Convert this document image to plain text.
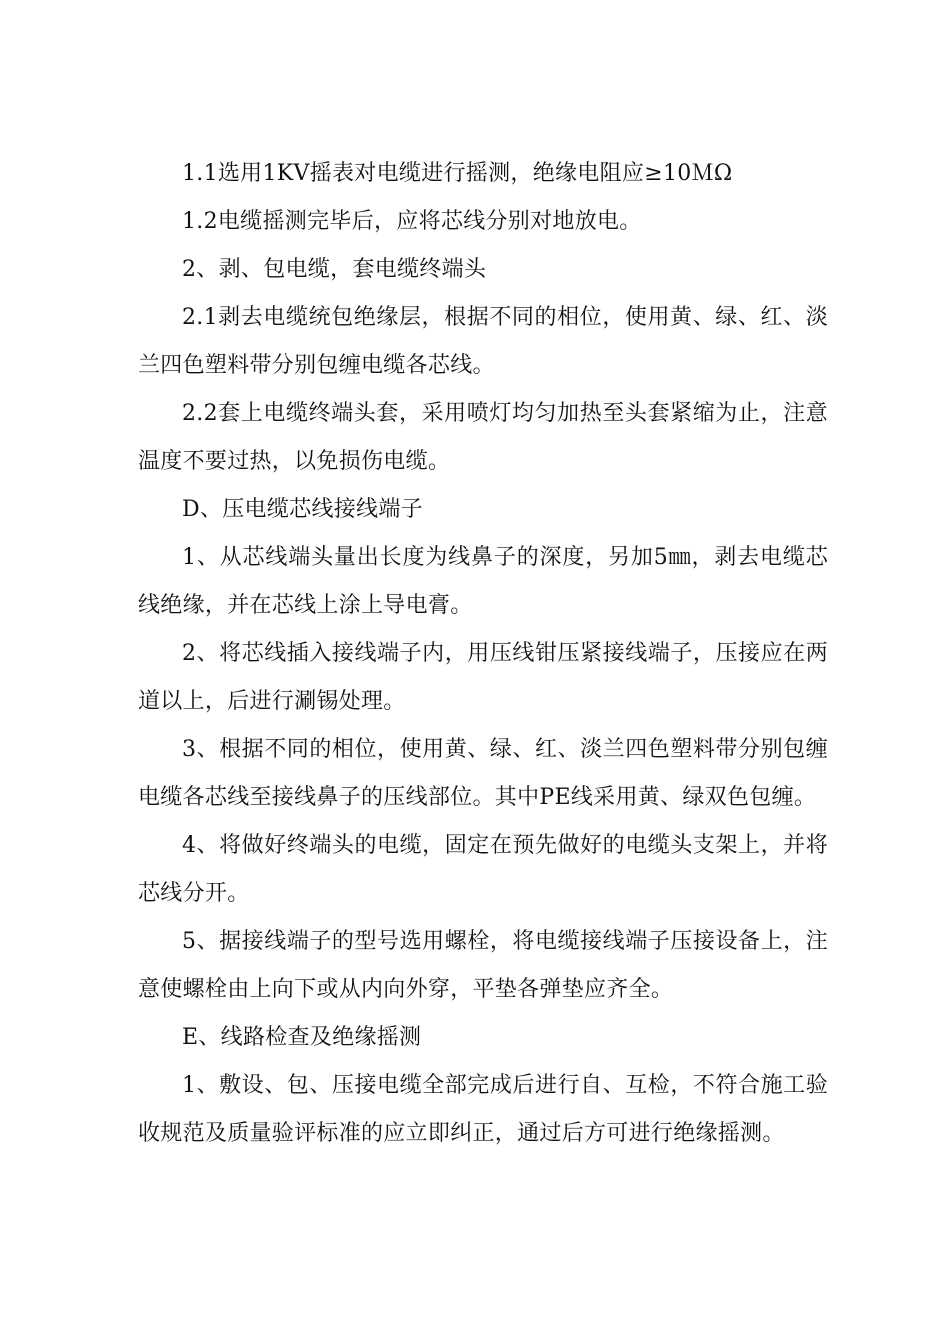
1.1选用1KV摇表对电缆进行摇测，绝缘电阻应≥10ＭΩ

1.2电缆摇测完毕后，应将芯线分别对地放电。

2、剥、包电缆，套电缆终端头

2.1剥去电缆统包绝缘层，根据不同的相位，使用黄、绿、红、淡兰四色塑料带分别包缠电缆各芯线。

2.2套上电缆终端头套，采用喷灯均匀加热至头套紧缩为止，注意温度不要过热，以免损伤电缆。

D、压电缆芯线接线端子

1、从芯线端头量出长度为线鼻子的深度，另加5㎜，剥去电缆芯线绝缘，并在芯线上涂上导电膏。

2、将芯线插入接线端子内，用压线钳压紧接线端子，压接应在两道以上，后进行涮锡处理。

3、根据不同的相位，使用黄、绿、红、淡兰四色塑料带分别包缠电缆各芯线至接线鼻子的压线部位。其中PE线采用黄、绿双色包缠。

4、将做好终端头的电缆，固定在预先做好的电缆头支架上，并将芯线分开。

5、据接线端子的型号选用螺栓，将电缆接线端子压接设备上，注意使螺栓由上向下或从内向外穿，平垫各弹垫应齐全。

E、线路检查及绝缘摇测

1、敷设、包、压接电缆全部完成后进行自、互检，不符合施工验收规范及质量验评标准的应立即纠正，通过后方可进行绝缘摇测。
